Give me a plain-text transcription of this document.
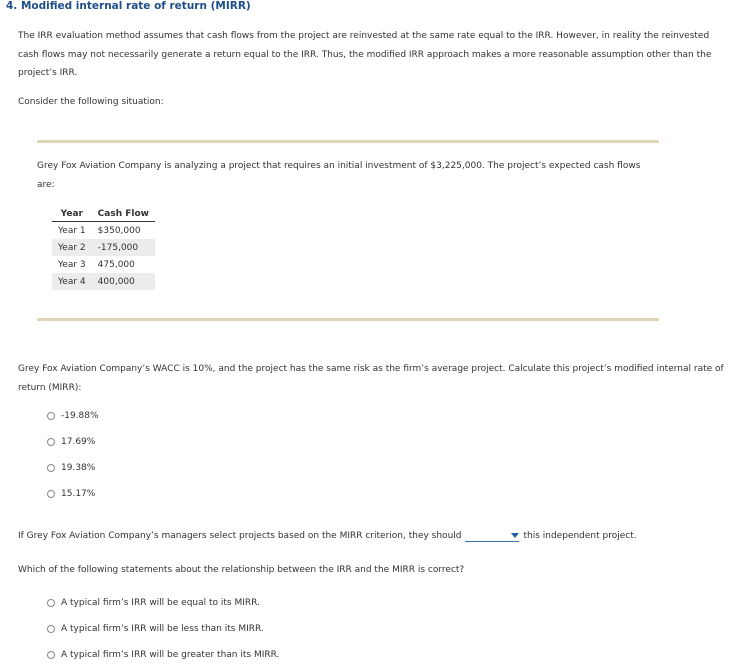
4. Modified internal rate of return (MIRR)
The IRR evaluation method assumes that cash flows from the project are reinvested at the same rate equal to the IRR. However, in reality the reinvested cash flows may not necessarily generate a return equal to the IRR. Thus, the modified IRR approach makes a more reasonable assumption other than the project’s IRR.
Consider the following situation:
Grey Fox Aviation Company is analyzing a project that requires an initial investment of $3,225,000. The project’s expected cash flows are:
Year	Cash Flow
Year 1	$350,000
Year 2	-175,000
Year 3	475,000
Year 4	400,000
Grey Fox Aviation Company’s WACC is 10%, and the project has the same risk as the firm’s average project. Calculate this project’s modified internal rate of return (MIRR):
-19.88%
17.69%
19.38%
15.17%
If Grey Fox Aviation Company’s managers select projects based on the MIRR criterion, they should	this independent project.
Which of the following statements about the relationship between the IRR and the MIRR is correct?
A typical firm’s IRR will be equal to its MIRR.
A typical firm’s IRR will be less than its MIRR.
A typical firm’s IRR will be greater than its MIRR.
